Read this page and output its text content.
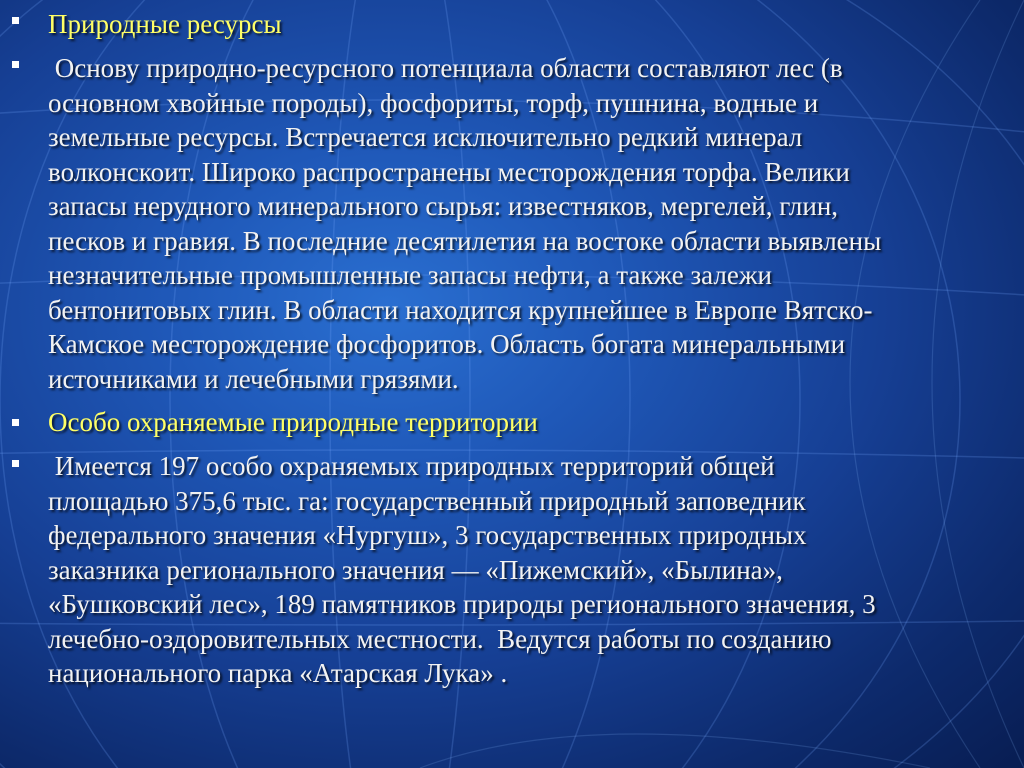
Природные ресурсы
Основу природно-ресурсного потенциала области составляют лес (в
основном хвойные породы), фосфориты, торф, пушнина, водные и
земельные ресурсы. Встречается исключительно редкий минерал
волконскоит. Широко распространены месторождения торфа. Велики
запасы нерудного минерального сырья: известняков, мергелей, глин,
песков и гравия. В последние десятилетия на востоке области выявлены
незначительные промышленные запасы нефти, а также залежи
бентонитовых глин. В области находится крупнейшее в Европе Вятско-
Камское месторождение фосфоритов. Область богата минеральными
источниками и лечебными грязями.
Особо охраняемые природные территории
Имеется 197 особо охраняемых природных территорий общей
площадью 375,6 тыс. га: государственный природный заповедник
федерального значения «Нургуш», 3 государственных природных
заказника регионального значения — «Пижемский», «Былина»,
«Бушковский лес», 189 памятников природы регионального значения, 3
лечебно-оздоровительных местности.  Ведутся работы по созданию
национального парка «Атарская Лука» .
